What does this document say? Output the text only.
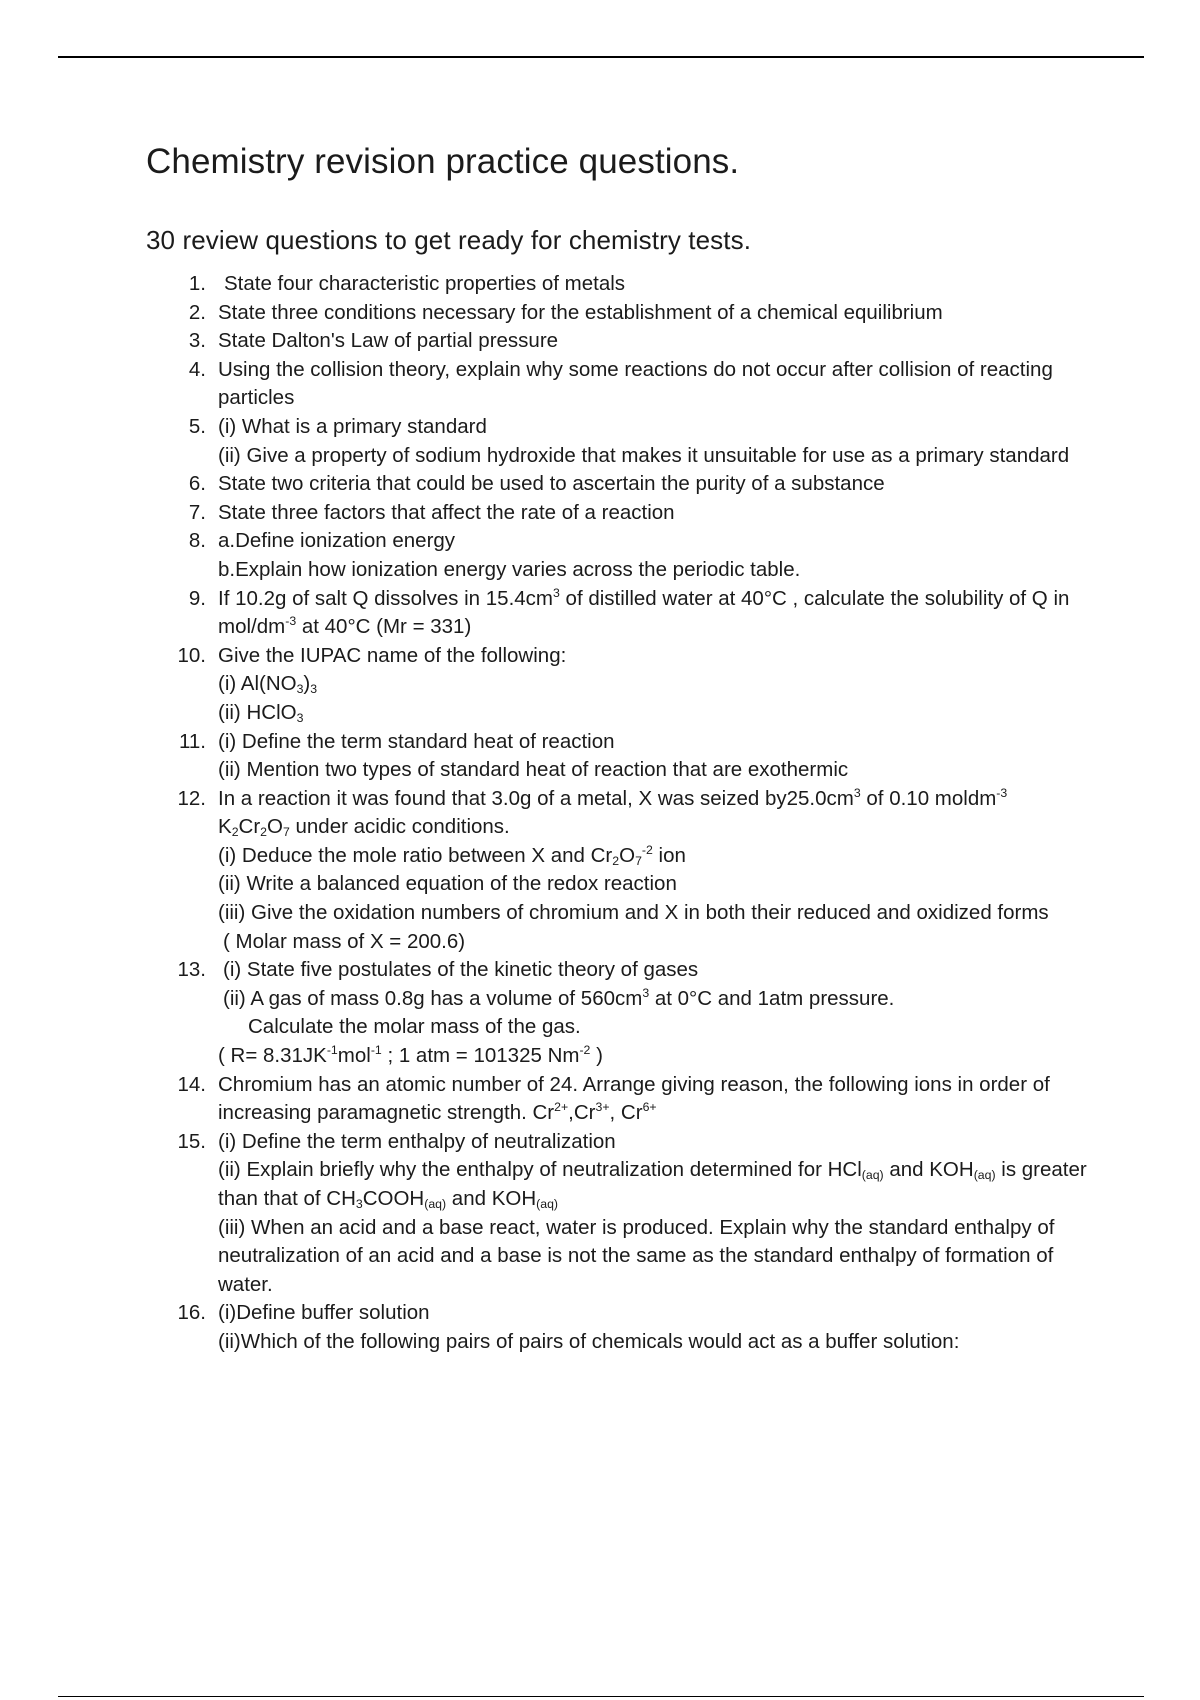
Chemistry revision practice questions.
30 review questions to get ready for chemistry tests.
1. State four characteristic properties of metals
2. State three conditions necessary for the establishment of a chemical equilibrium
3. State Dalton's Law of partial pressure
4. Using the collision theory, explain why some reactions do not occur after collision of reacting particles
5. (i) What is a primary standard
(ii) Give a property of sodium hydroxide that makes it unsuitable for use as a primary standard
6. State two criteria that could be used to ascertain the purity of a substance
7. State three factors that affect the rate of a reaction
8. a.Define ionization energy
b.Explain how ionization energy varies across the periodic table.
9. If 10.2g of salt Q dissolves in $15.4cm^3$ of distilled water at 40°C , calculate the solubility of Q in mol/$dm^{-3}$ at 40°C (Mr = 331)
10. Give the IUPAC name of the following:
(i) $Al(NO_3)_3$
(ii) HClO$_3$
11. (i) Define the term standard heat of reaction
(ii) Mention two types of standard heat of reaction that are exothermic
12. In a reaction it was found that 3.0g of a metal, X was seized $by25.0cm^3$ of 0.10 moldm$^{-3}$
$K_2Cr_2O_7$ under acidic conditions.
(i) Deduce the mole ratio between X and $Cr_2O_7^{-2}$ ion
(ii) Write a balanced equation of the redox reaction
(iii) Give the oxidation numbers of chromium and X in both their reduced and oxidized forms
( Molar mass of X = 200.6)
13. (i) State five postulates of the kinetic theory of gases
(ii) A gas of mass 0.8g has a volume of $560cm^3$ at 0°C and 1atm pressure.
Calculate the molar mass of the gas.
( $R= 8.31JK^{-1}mol^{-1}$ ; 1 atm = 101325 $Nm^{-2}$ )
14. Chromium has an atomic number of 24. Arrange giving reason, the following ions in order of increasing paramagnetic strength. $Cr^{2+},Cr^{3+}$, $Cr^{6+}$
15. (i) Define the term enthalpy of neutralization
(ii) Explain briefly why the enthalpy of neutralization determined for HCl$_{(aq)}$ and $KOH_{(aq)}$ is greater than that of $CH_3COOH_{(aq)}$ and $KOH_{(aq)}$
(iii) When an acid and a base react, water is produced. Explain why the standard enthalpy of neutralization of an acid and a base is not the same as the standard enthalpy of formation of water.
16. (i)Define buffer solution
(ii)Which of the following pairs of pairs of chemicals would act as a buffer solution:
